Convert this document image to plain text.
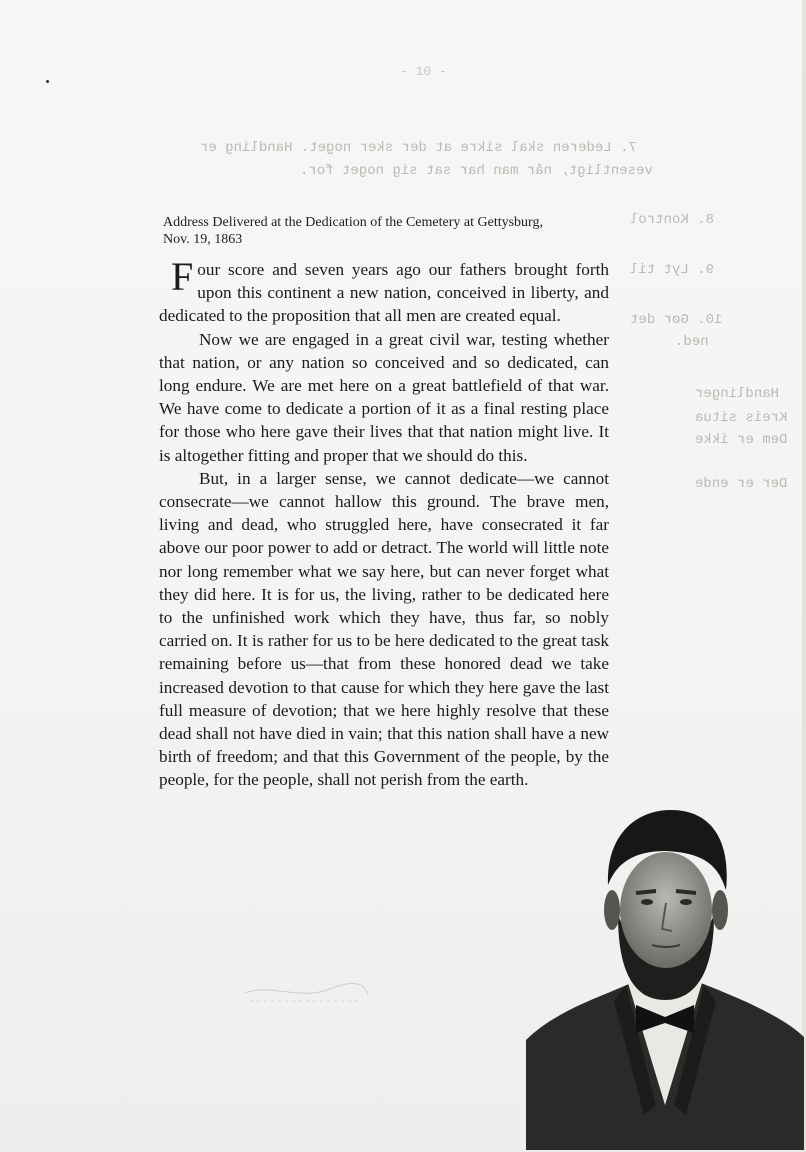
- 10 -
7. Lederen skal sikre at der sker noget. Handling er
vesentligt, når man har sat sig noget for.
8. Kontrol
9. Lyt til
10. Gør det
ned.
Handlinger
Kreis situa
Dem er ikke
Der er ende
Address Delivered at the Dedication of the Cemetery at Gettysburg,
Nov. 19, 1863

Four score and seven years ago our fathers brought forth upon this continent a new nation, conceived in liberty, and dedicated to the proposition that all men are created equal.

Now we are engaged in a great civil war, testing whether that nation, or any nation so conceived and so dedicated, can long endure. We are met here on a great battlefield of that war. We have come to dedicate a portion of it as a final resting place for those who here gave their lives that that nation might live. It is altogether fitting and proper that we should do this.

But, in a larger sense, we cannot dedicate—we cannot consecrate—we cannot hallow this ground. The brave men, living and dead, who struggled here, have consecrated it far above our poor power to add or detract. The world will little note nor long remember what we say here, but can never forget what they did here. It is for us, the living, rather to be dedicated here to the unfinished work which they have, thus far, so nobly carried on. It is rather for us to be here dedicated to the great task remaining before us—that from these honored dead we take increased devotion to that cause for which they here gave the last full measure of devotion; that we here highly resolve that these dead shall not have died in vain; that this nation shall have a new birth of freedom; and that this Government of the people, by the people, for the people, shall not perish from the earth.
